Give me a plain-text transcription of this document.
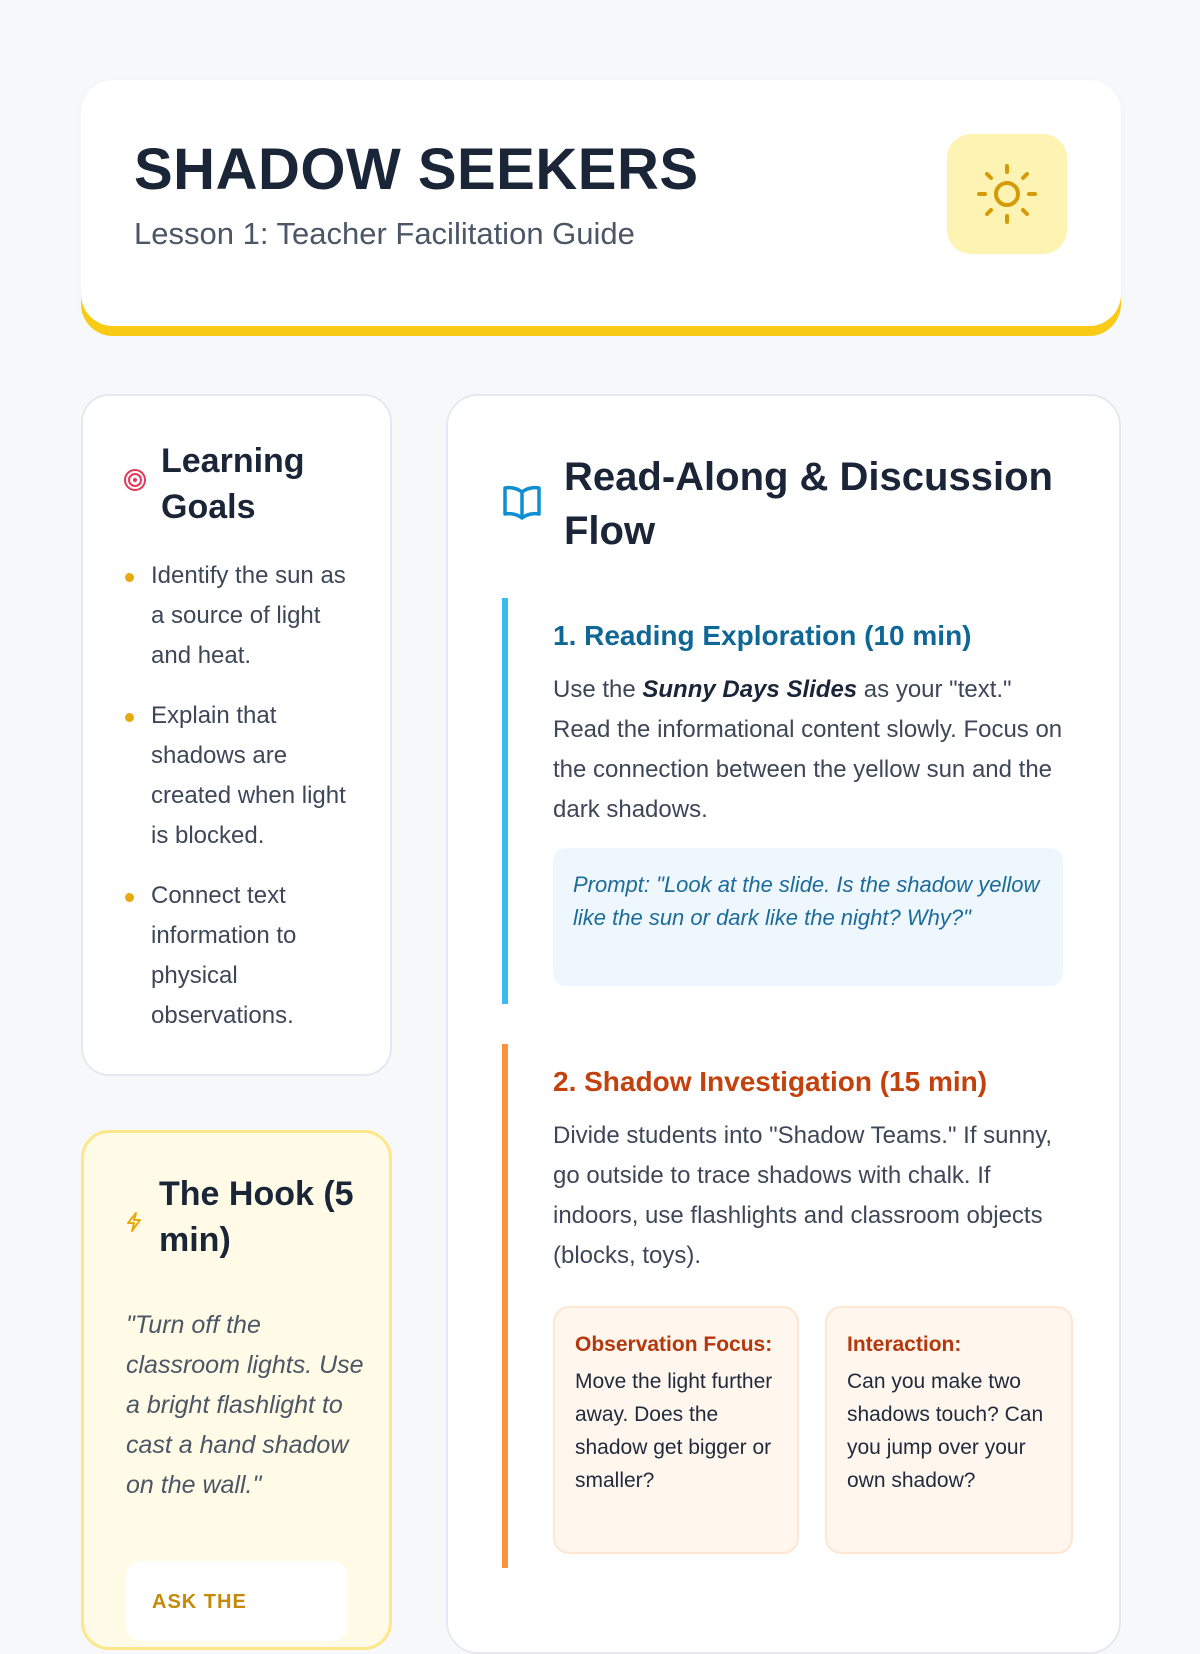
SHADOW SEEKERS
Lesson 1: Teacher Facilitation Guide
Learning Goals
Identify the sun as a source of light and heat.
Explain that shadows are created when light is blocked.
Connect text information to physical observations.
The Hook (5 min)

"Turn off the classroom lights. Use a bright flashlight to cast a hand shadow on the wall."

ASK THE
Read-Along & Discussion Flow
1. Reading Exploration (10 min)

Use the Sunny Days Slides as your "text." Read the informational content slowly. Focus on the connection between the yellow sun and the dark shadows.

Prompt: "Look at the slide. Is the shadow yellow like the sun or dark like the night? Why?"

2. Shadow Investigation (15 min)

Divide students into "Shadow Teams." If sunny, go outside to trace shadows with chalk. If indoors, use flashlights and classroom objects (blocks, toys).

Observation Focus:
Move the light further away. Does the shadow get bigger or smaller?
Interaction:
Can you make two shadows touch? Can you jump over your own shadow?
